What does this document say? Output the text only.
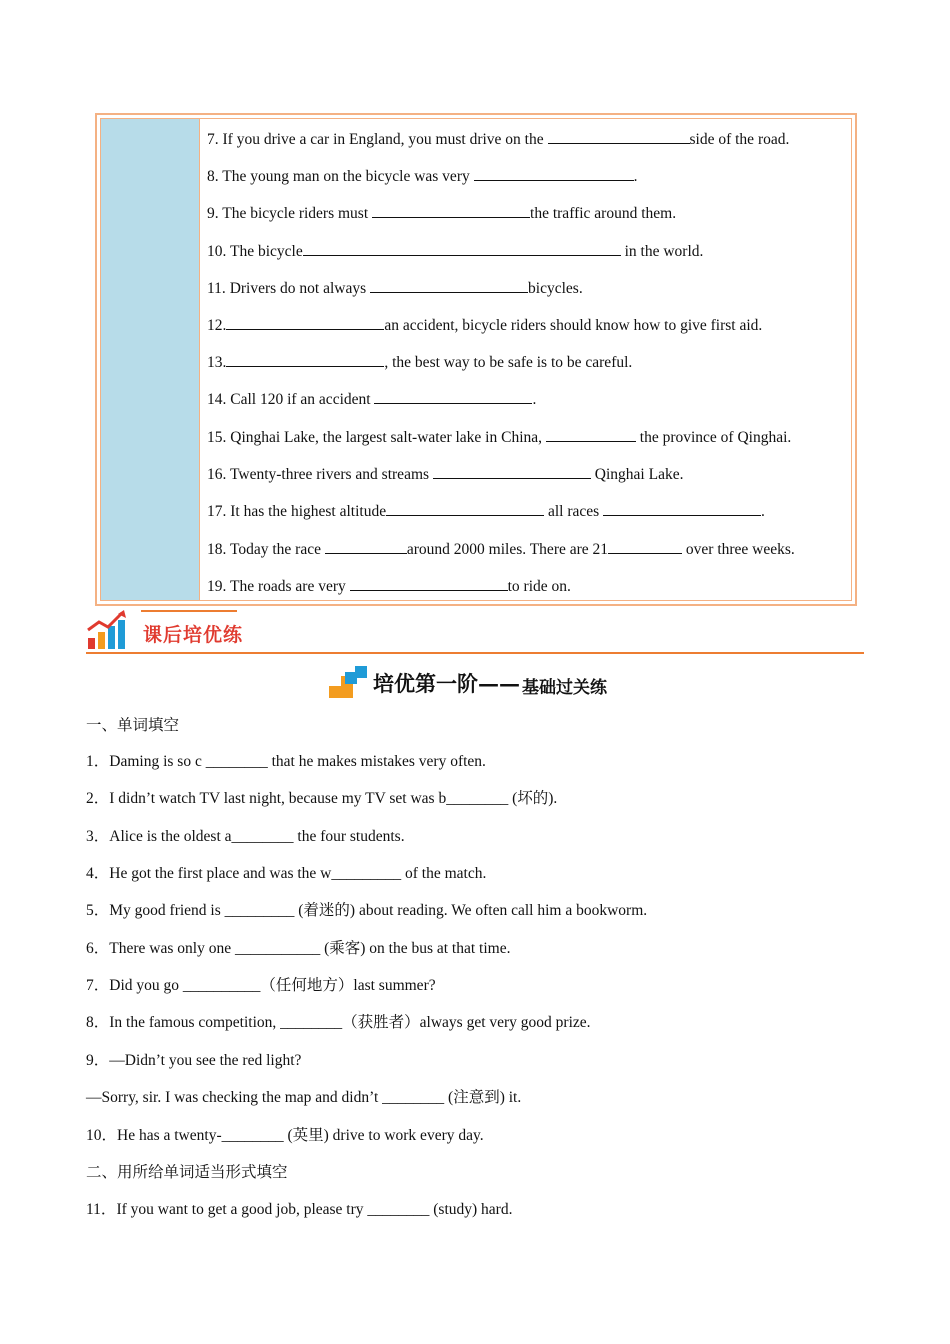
7. If you drive a car in England, you must drive on the	side of the road.
8. The young man on the bicycle was very	.
9. The bicycle riders must	the traffic around them.
10. The bicycle	in the world.
11. Drivers do not always	bicycles.
12.	an accident, bicycle riders should know how to give first aid.
13.	, the best way to be safe is to be careful.
14. Call 120 if an accident	.
15. Qinghai Lake, the largest salt-water lake in China,	the province of Qinghai.
16. Twenty-three rivers and streams	Qinghai Lake.
17. It has the highest altitude	all races	.
18. Today the race	around 2000 miles. There are 21	over three weeks.
19. The roads are very	to ride on.
课后培优练
培优第一阶—— 基础过关练
一、单词填空
1．Daming is so c ________ that he makes mistakes very often.
2．I didn’t watch TV last night, because my TV set was b________ (坏的).
3．Alice is the oldest a________ the four students.
4．He got the first place and was the w_________ of the match.
5．My good friend is _________ (着迷的) about reading. We often call him a bookworm.
6．There was only one ___________ (乘客) on the bus at that time.
7．Did you go __________（任何地方）last summer?
8．In the famous competition, ________（获胜者）always get very good prize.
9．—Didn’t you see the red light?
—Sorry, sir. I was checking the map and didn’t ________ (注意到) it.
10．He has a twenty-________ (英里) drive to work every day.
二、用所给单词适当形式填空
11．If you want to get a good job, please try ________ (study) hard.
